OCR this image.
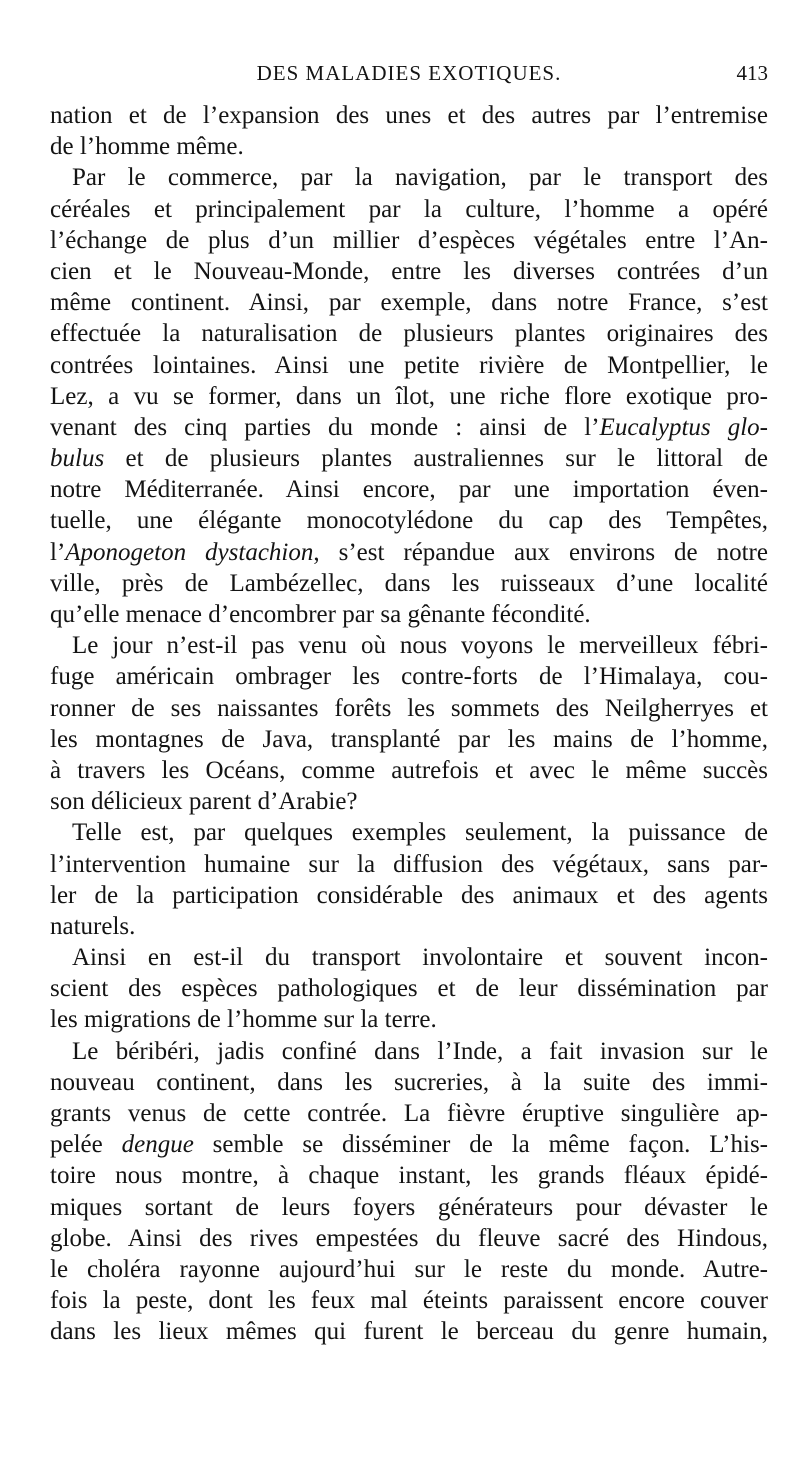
DES MALADIES EXOTIQUES.	413
nation et de l’expansion des unes et des autres par l’entremise
de l’homme même.
Par le commerce, par la navigation, par le transport des
céréales et principalement par la culture, l’homme a opéré
l’échange de plus d’un millier d’espèces végétales entre l’An-
cien et le Nouveau-Monde, entre les diverses contrées d’un
même continent. Ainsi, par exemple, dans notre France, s’est
effectuée la naturalisation de plusieurs plantes originaires des
contrées lointaines. Ainsi une petite rivière de Montpellier, le
Lez, a vu se former, dans un îlot, une riche flore exotique pro-
venant des cinq parties du monde : ainsi de l’Eucalyptus glo-
bulus et de plusieurs plantes australiennes sur le littoral de
notre Méditerranée. Ainsi encore, par une importation éven-
tuelle, une élégante monocotylédone du cap des Tempêtes,
l’Aponogeton dystachion, s’est répandue aux environs de notre
ville, près de Lambézellec, dans les ruisseaux d’une localité
qu’elle menace d’encombrer par sa gênante fécondité.
Le jour n’est-il pas venu où nous voyons le merveilleux fébri-
fuge américain ombrager les contre-forts de l’Himalaya, cou-
ronner de ses naissantes forêts les sommets des Neilgherryes et
les montagnes de Java, transplanté par les mains de l’homme,
à travers les Océans, comme autrefois et avec le même succès
son délicieux parent d’Arabie?
Telle est, par quelques exemples seulement, la puissance de
l’intervention humaine sur la diffusion des végétaux, sans par-
ler de la participation considérable des animaux et des agents
naturels.
Ainsi en est-il du transport involontaire et souvent incon-
scient des espèces pathologiques et de leur dissémination par
les migrations de l’homme sur la terre.
Le béribéri, jadis confiné dans l’Inde, a fait invasion sur le
nouveau continent, dans les sucreries, à la suite des immi-
grants venus de cette contrée. La fièvre éruptive singulière ap-
pelée dengue semble se disséminer de la même façon. L’his-
toire nous montre, à chaque instant, les grands fléaux épidé-
miques sortant de leurs foyers générateurs pour dévaster le
globe. Ainsi des rives empestées du fleuve sacré des Hindous,
le choléra rayonne aujourd’hui sur le reste du monde. Autre-
fois la peste, dont les feux mal éteints paraissent encore couver
dans les lieux mêmes qui furent le berceau du genre humain,
